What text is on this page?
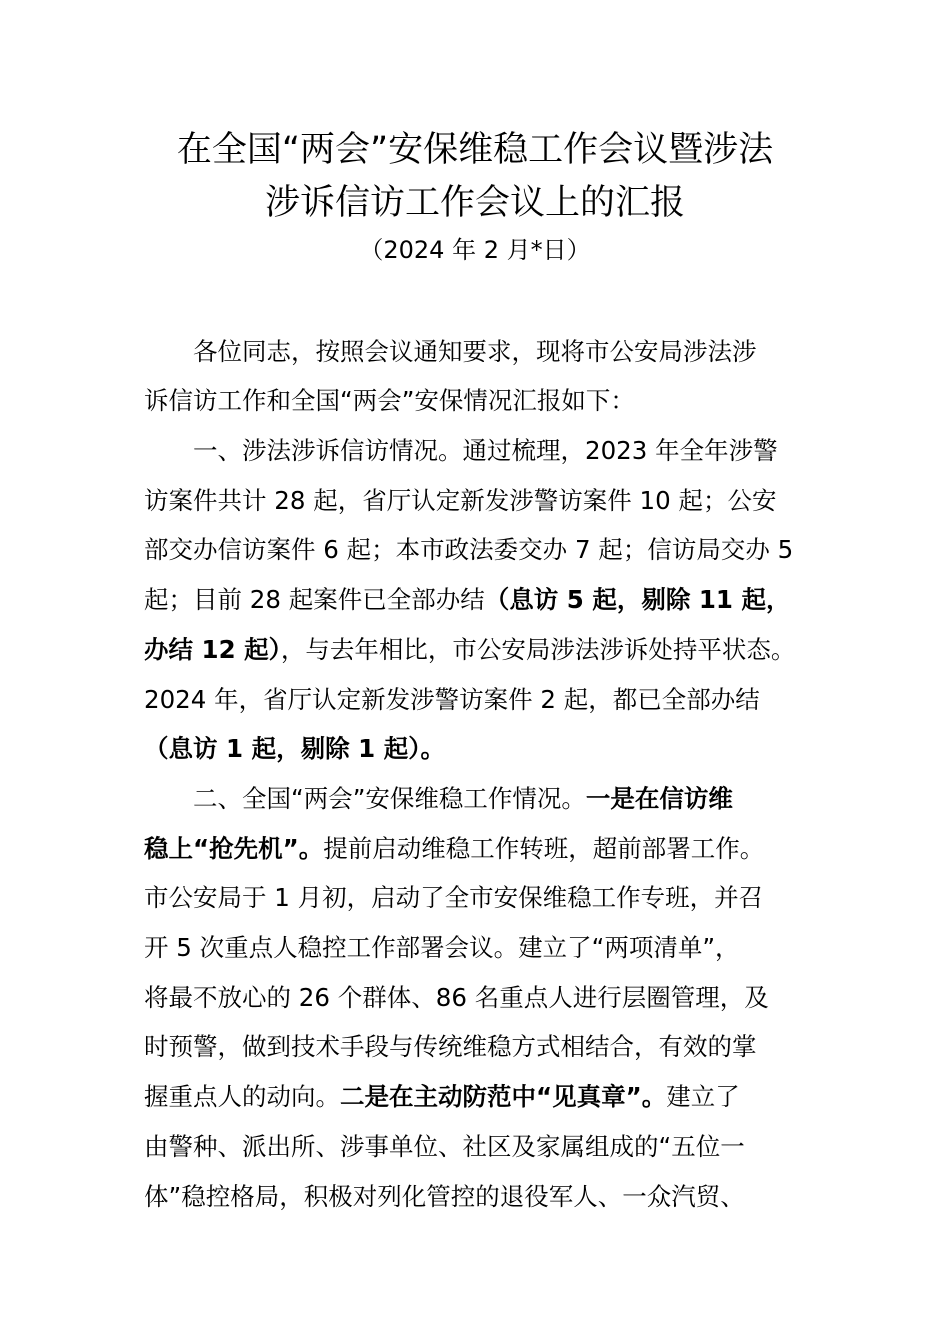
在全国“两会”安保维稳工作会议暨涉法
涉诉信访工作会议上的汇报
（2024 年 2 月*日）
　　各位同志，按照会议通知要求，现将市公安局涉法涉
诉信访工作和全国“两会”安保情况汇报如下：
　　一、涉法涉诉信访情况。通过梳理，2023 年全年涉警
访案件共计 28 起，省厅认定新发涉警访案件 10 起；公安
部交办信访案件 6 起；本市政法委交办 7 起；信访局交办 5
起；目前 28 起案件已全部办结（息访 5 起，剔除 11 起，
办结 12 起），与去年相比，市公安局涉法涉诉处持平状态。
2024 年，省厅认定新发涉警访案件 2 起，都已全部办结
（息访 1 起，剔除 1 起）。
　　二、全国“两会”安保维稳工作情况。一是在信访维
稳上“抢先机”。提前启动维稳工作转班，超前部署工作。
市公安局于 1 月初，启动了全市安保维稳工作专班，并召
开 5 次重点人稳控工作部署会议。建立了“两项清单”，
将最不放心的 26 个群体、86 名重点人进行层圈管理，及
时预警，做到技术手段与传统维稳方式相结合，有效的掌
握重点人的动向。二是在主动防范中“见真章”。建立了
由警种、派出所、涉事单位、社区及家属组成的“五位一
体”稳控格局，积极对列化管控的退役军人、一众汽贸、
